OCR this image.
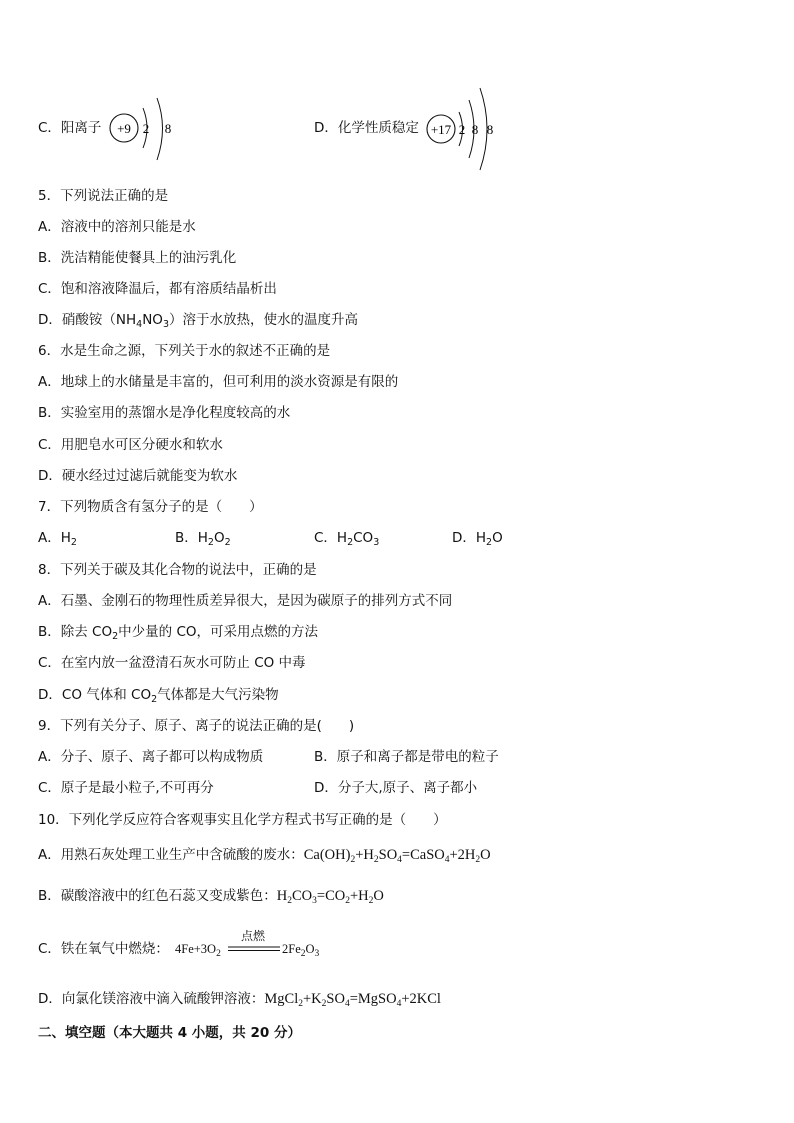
C．阳离子 +9 2 8	D．化学性质稳定 +17 2 8 8
5．下列说法正确的是
A．溶液中的溶剂只能是水
B．洗洁精能使餐具上的油污乳化
C．饱和溶液降温后，都有溶质结晶析出
D．硝酸铵$(NH_4NO_3)$溶于水放热，使水的温度升高
6．水是生命之源，下列关于水的叙述不正确的是
A．地球上的水储量是丰富的，但可利用的淡水资源是有限的
B．实验室用的蒸馏水是净化程度较高的水
C．用肥皂水可区分硬水和软水
D．硬水经过过滤后就能变为软水
7．下列物质含有氢分子的是（　　）
A．$H_2$	B．$H_2O_2$	C．$H_2CO_3$	D．$H_2O$
8．下列关于碳及其化合物的说法中，正确的是
A．石墨、金刚石的物理性质差异很大，是因为碳原子的排列方式不同
B．除去 $CO_2$中少量的 CO，可采用点燃的方法
C．在室内放一盆澄清石灰水可防止 CO 中毒
D．CO 气体和 $CO_2$气体都是大气污染物
9．下列有关分子、原子、离子的说法正确的是(　　)
A．分子、原子、离子都可以构成物质	B．原子和离子都是带电的粒子
C．原子是最小粒子,不可再分	D．分子大,原子、离子都小
10．下列化学反应符合客观事实且化学方程式书写正确的是（　　）
A．用熟石灰处理工业生产中含硫酸的废水：$Ca(OH)_2+H_2SO_4=CaSO_4+2H_2O$
B．碳酸溶液中的红色石蕊又变成紫色：$H_2CO_3=CO_2+H_2O$
C．铁在氧气中燃烧： $4Fe+3O_2$
点燃
$2Fe_2O_3$
D．向氯化镁溶液中滴入硫酸钾溶液：$MgCl_2+K_2SO_4=MgSO_4+2KCl$
二、填空题（本大题共 4 小题，共 20 分）
